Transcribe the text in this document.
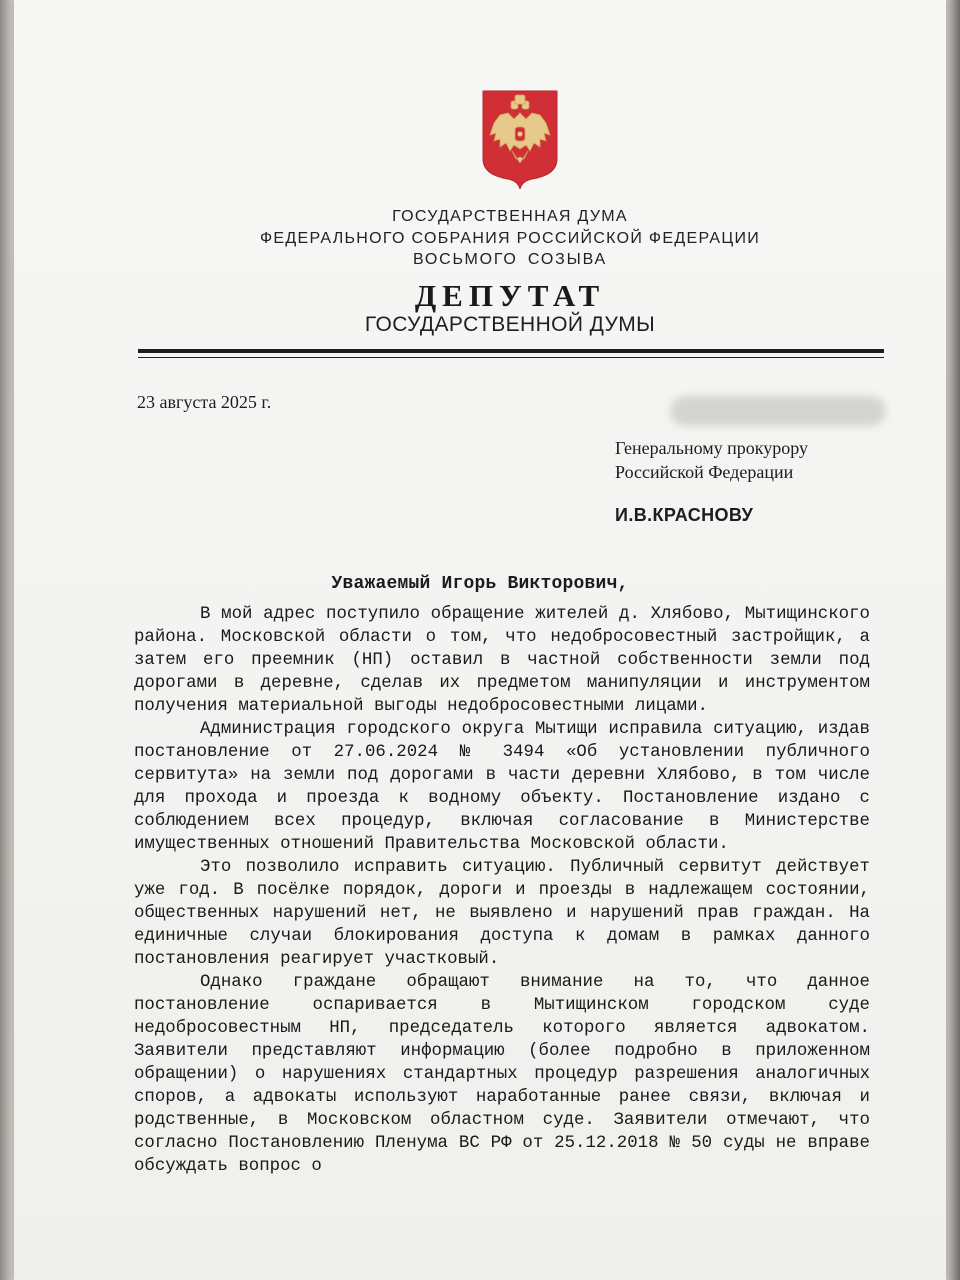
ГОСУДАРСТВЕННАЯ ДУМА
ФЕДЕРАЛЬНОГО СОБРАНИЯ РОССИЙСКОЙ ФЕДЕРАЦИИ
ВОСЬМОГО СОЗЫВА
ДЕПУТАТ
ГОСУДАРСТВЕННОЙ ДУМЫ
23 августа 2025 г.
Генеральному прокурору
Российской Федерации
И.В.КРАСНОВУ
Уважаемый Игорь Викторович,

В мой адрес поступило обращение жителей д. Хлябово, Мытищинского района. Московской области о том, что недобросовестный застройщик, а затем его преемник (НП) оставил в частной собственности земли под дорогами в деревне, сделав их предметом манипуляции и инструментом получения материальной выгоды недобросовестными лицами.

Администрация городского округа Мытищи исправила ситуацию, издав постановление от 27.06.2024 № 3494 «Об установлении публичного сервитута» на земли под дорогами в части деревни Хлябово, в том числе для прохода и проезда к водному объекту. Постановление издано с соблюдением всех процедур, включая согласование в Министерстве имущественных отношений Правительства Московской области.

Это позволило исправить ситуацию. Публичный сервитут действует уже год. В посёлке порядок, дороги и проезды в надлежащем состоянии, общественных нарушений нет, не выявлено и нарушений прав граждан. На единичные случаи блокирования доступа к домам в рамках данного постановления реагирует участковый.

Однако граждане обращают внимание на то, что данное постановление оспаривается в Мытищинском городском суде недобросовестным НП, председатель которого является адвокатом. Заявители представляют информацию (более подробно в приложенном обращении) о нарушениях стандартных процедур разрешения аналогичных споров, а адвокаты используют наработанные ранее связи, включая и родственные, в Московском областном суде. Заявители отмечают, что согласно Постановлению Пленума ВС РФ от 25.12.2018 № 50 суды не вправе обсуждать вопрос о
